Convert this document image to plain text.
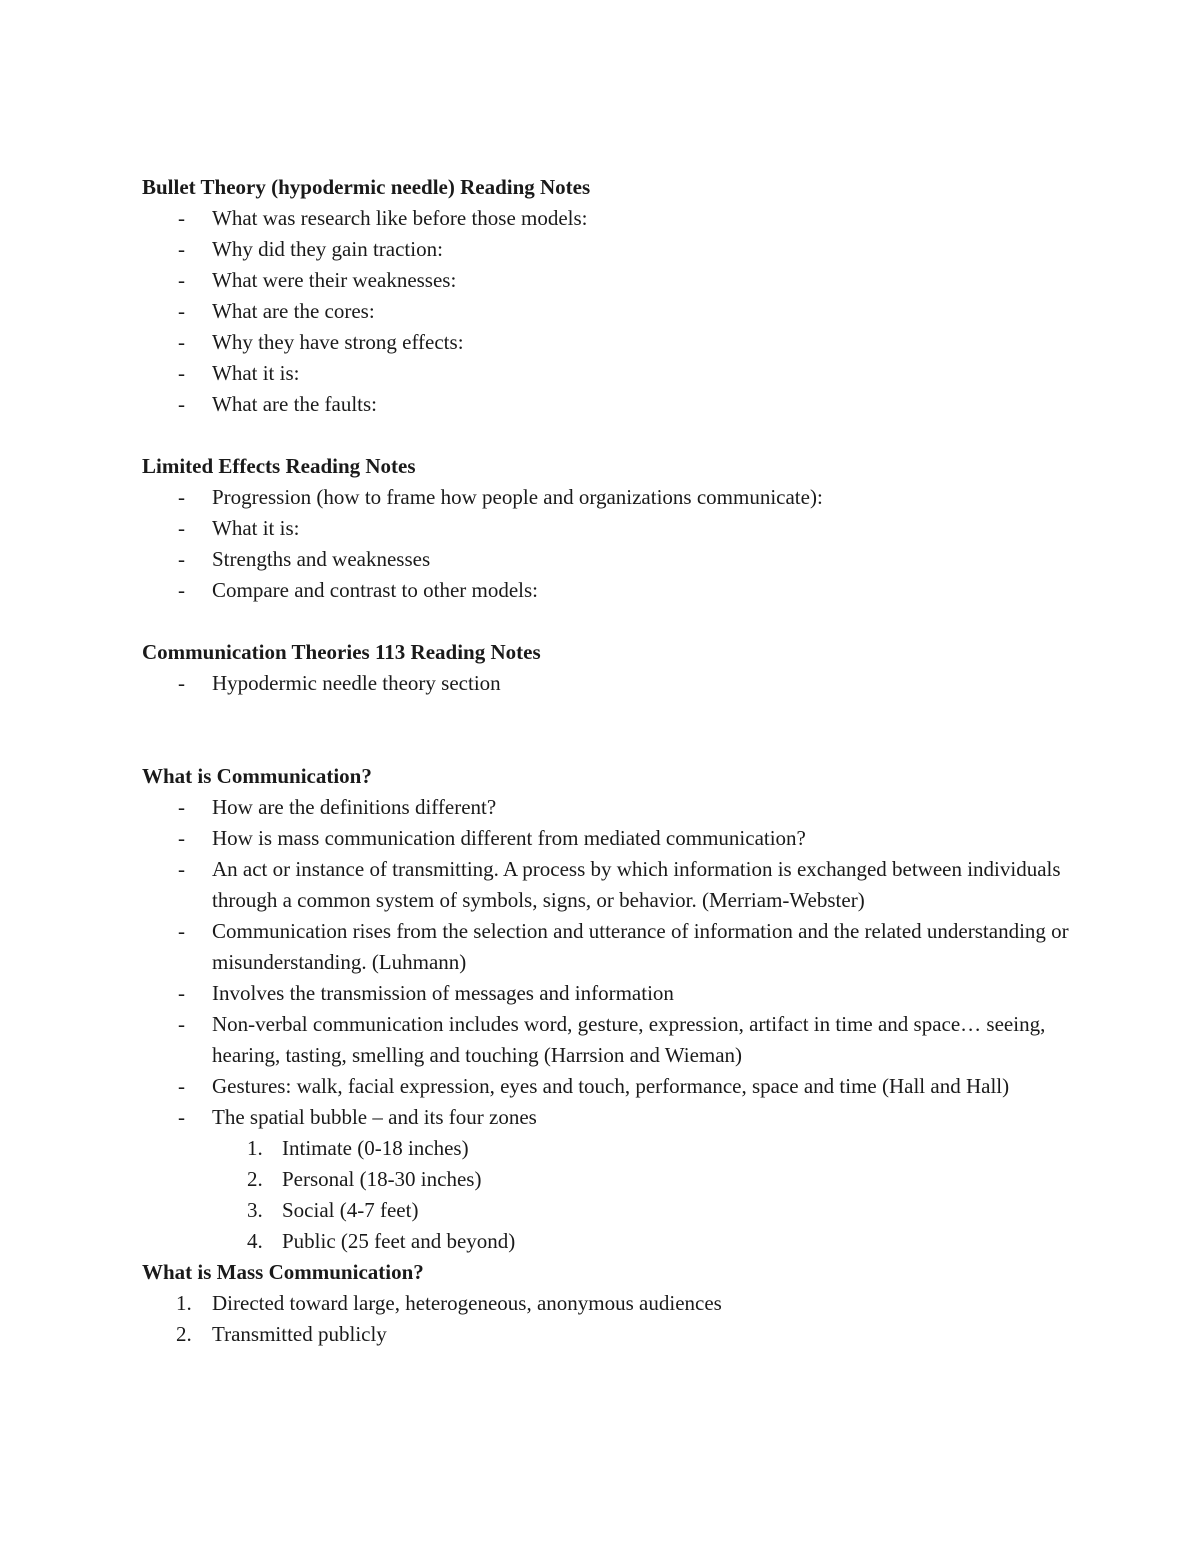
Bullet Theory (hypodermic needle) Reading Notes
-	What was research like before those models:
-	Why did they gain traction:
-	What were their weaknesses:
-	What are the cores:
-	Why they have strong effects:
-	What it is:
-	What are the faults:
Limited Effects Reading Notes
-	Progression (how to frame how people and organizations communicate):
-	What it is:
-	Strengths and weaknesses
-	Compare and contrast to other models:
Communication Theories 113 Reading Notes
-	Hypodermic needle theory section
What is Communication?
-	How are the definitions different?
-	How is mass communication different from mediated communication?
-	An act or instance of transmitting. A process by which information is exchanged between individuals through a common system of symbols, signs, or behavior. (Merriam-Webster)
-	Communication rises from the selection and utterance of information and the related understanding or misunderstanding. (Luhmann)
-	Involves the transmission of messages and information
-	Non-verbal communication includes word, gesture, expression, artifact in time and space… seeing, hearing, tasting, smelling and touching (Harrsion and Wieman)
-	Gestures: walk, facial expression, eyes and touch, performance, space and time (Hall and Hall)
-	The spatial bubble – and its four zones
1. Intimate (0-18 inches)
2. Personal (18-30 inches)
3. Social (4-7 feet)
4. Public (25 feet and beyond)
What is Mass Communication?
1. Directed toward large, heterogeneous, anonymous audiences
2. Transmitted publicly
